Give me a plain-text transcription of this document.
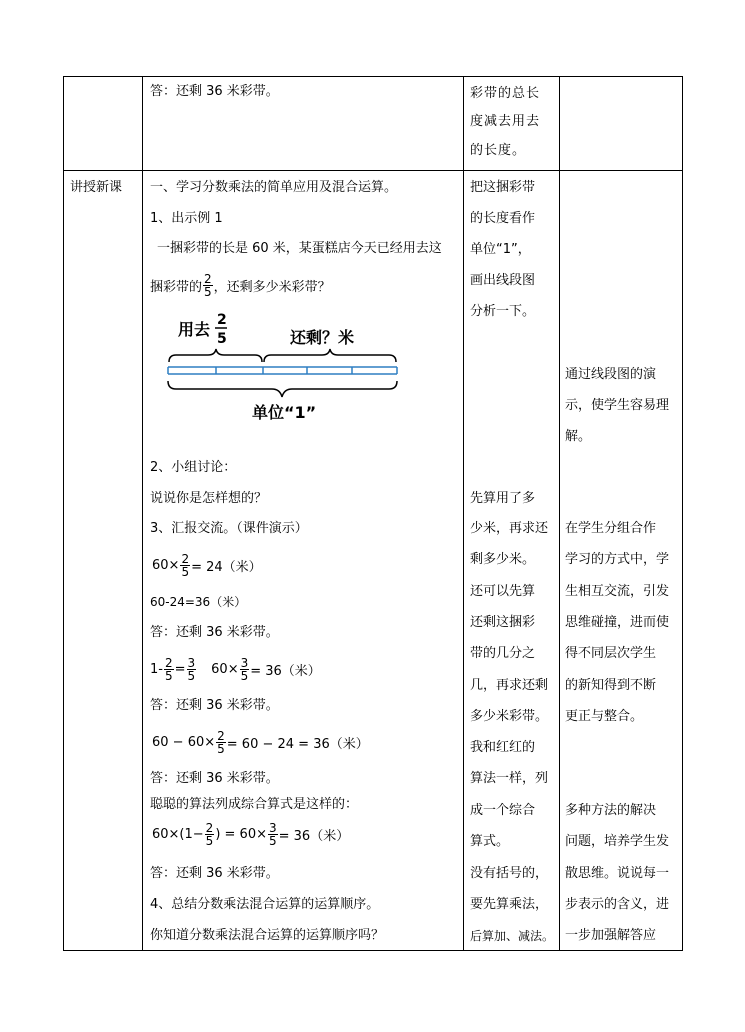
答：还剩 36 米彩带。	彩带的总长
度减去用去
的长度。
讲授新课 一、学习分数乘法的简单应用及混合运算。
1、出示例 1
一捆彩带的长是 60 米，某蛋糕店今天已经用去这
捆彩带的 $\frac{2}{5}$ ，还剩多少米彩带？
用去 2
5	还剩？米
单位“1”
2、小组讨论：
说说你是怎样想的？
3、汇报交流。（课件演示）
$60\times \frac{2}{5} = 24$（米）
60-24=36（米）
答：还剩 36 米彩带。
$1- \frac{2}{5} = \frac{3}{5} 60\times \frac{3}{5} = 36$（米）
答：还剩 36 米彩带。
$60 - 60\times \frac{2}{5} = 60 - 24 = 36$（米）
答：还剩 36 米彩带。
聪聪的算法列成综合算式是这样的：
$60\times(1- \frac{2}{5}$ ) = $60\times \frac{3}{5} = 36$（米）
答：还剩 36 米彩带。
4、总结分数乘法混合运算的运算顺序。
你知道分数乘法混合运算的运算顺序吗？
把这捆彩带
的长度看作
单位“1”，
画出线段图
分析一下。
先算用了多
少米，再求还
剩多少米。
还可以先算
还剩这捆彩
带的几分之
几，再求还剩
多少米彩带。
我和红红的
算法一样，列
成一个综合
算式。
没有括号的，
要先算乘法，
后算加、减法。
通过线段图的演
示，使学生容易理
解。
在学生分组合作
学习的方式中，学
生相互交流，引发
思维碰撞，进而使
得不同层次学生
的新知得到不断
更正与整合。
多种方法的解决
问题，培养学生发
散思维。说说每一
步表示的含义，进
一步加强解答应
